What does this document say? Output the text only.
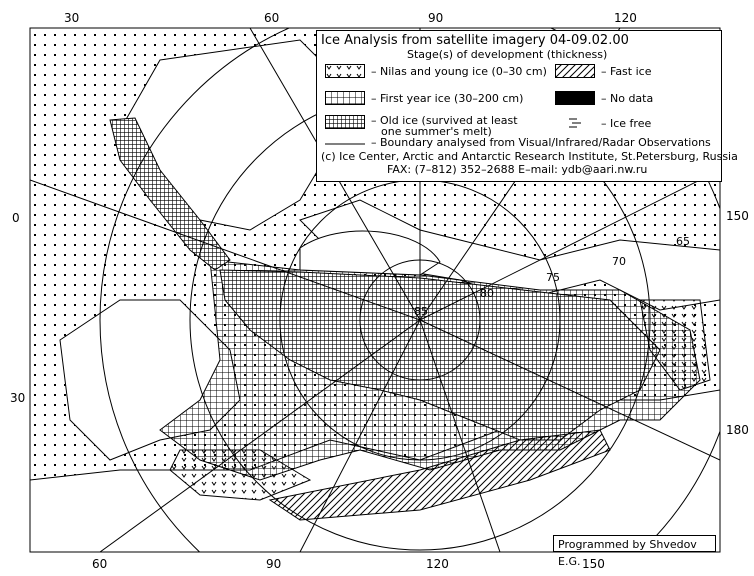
30	60	90	120
60	90	120	150
0
30
150
180
65
70
75
80
85
Ice Analysis from satellite imagery 04-09.02.00
Stage(s) of development (thickness)
– Nilas and young ice (0–30 cm)	– Fast ice
– First year ice (30–200 cm)	– No data
– Old ice (survived at least
one summer's melt)
– Ice free
– Boundary analysed from Visual/Infrared/Radar Observations
(c) Ice Center, Arctic and Antarctic Research Institute, St.Petersburg, Russia
FAX: (7–812) 352–2688 E–mail: ydb@aari.nw.ru
Programmed by Shvedov E.G.
